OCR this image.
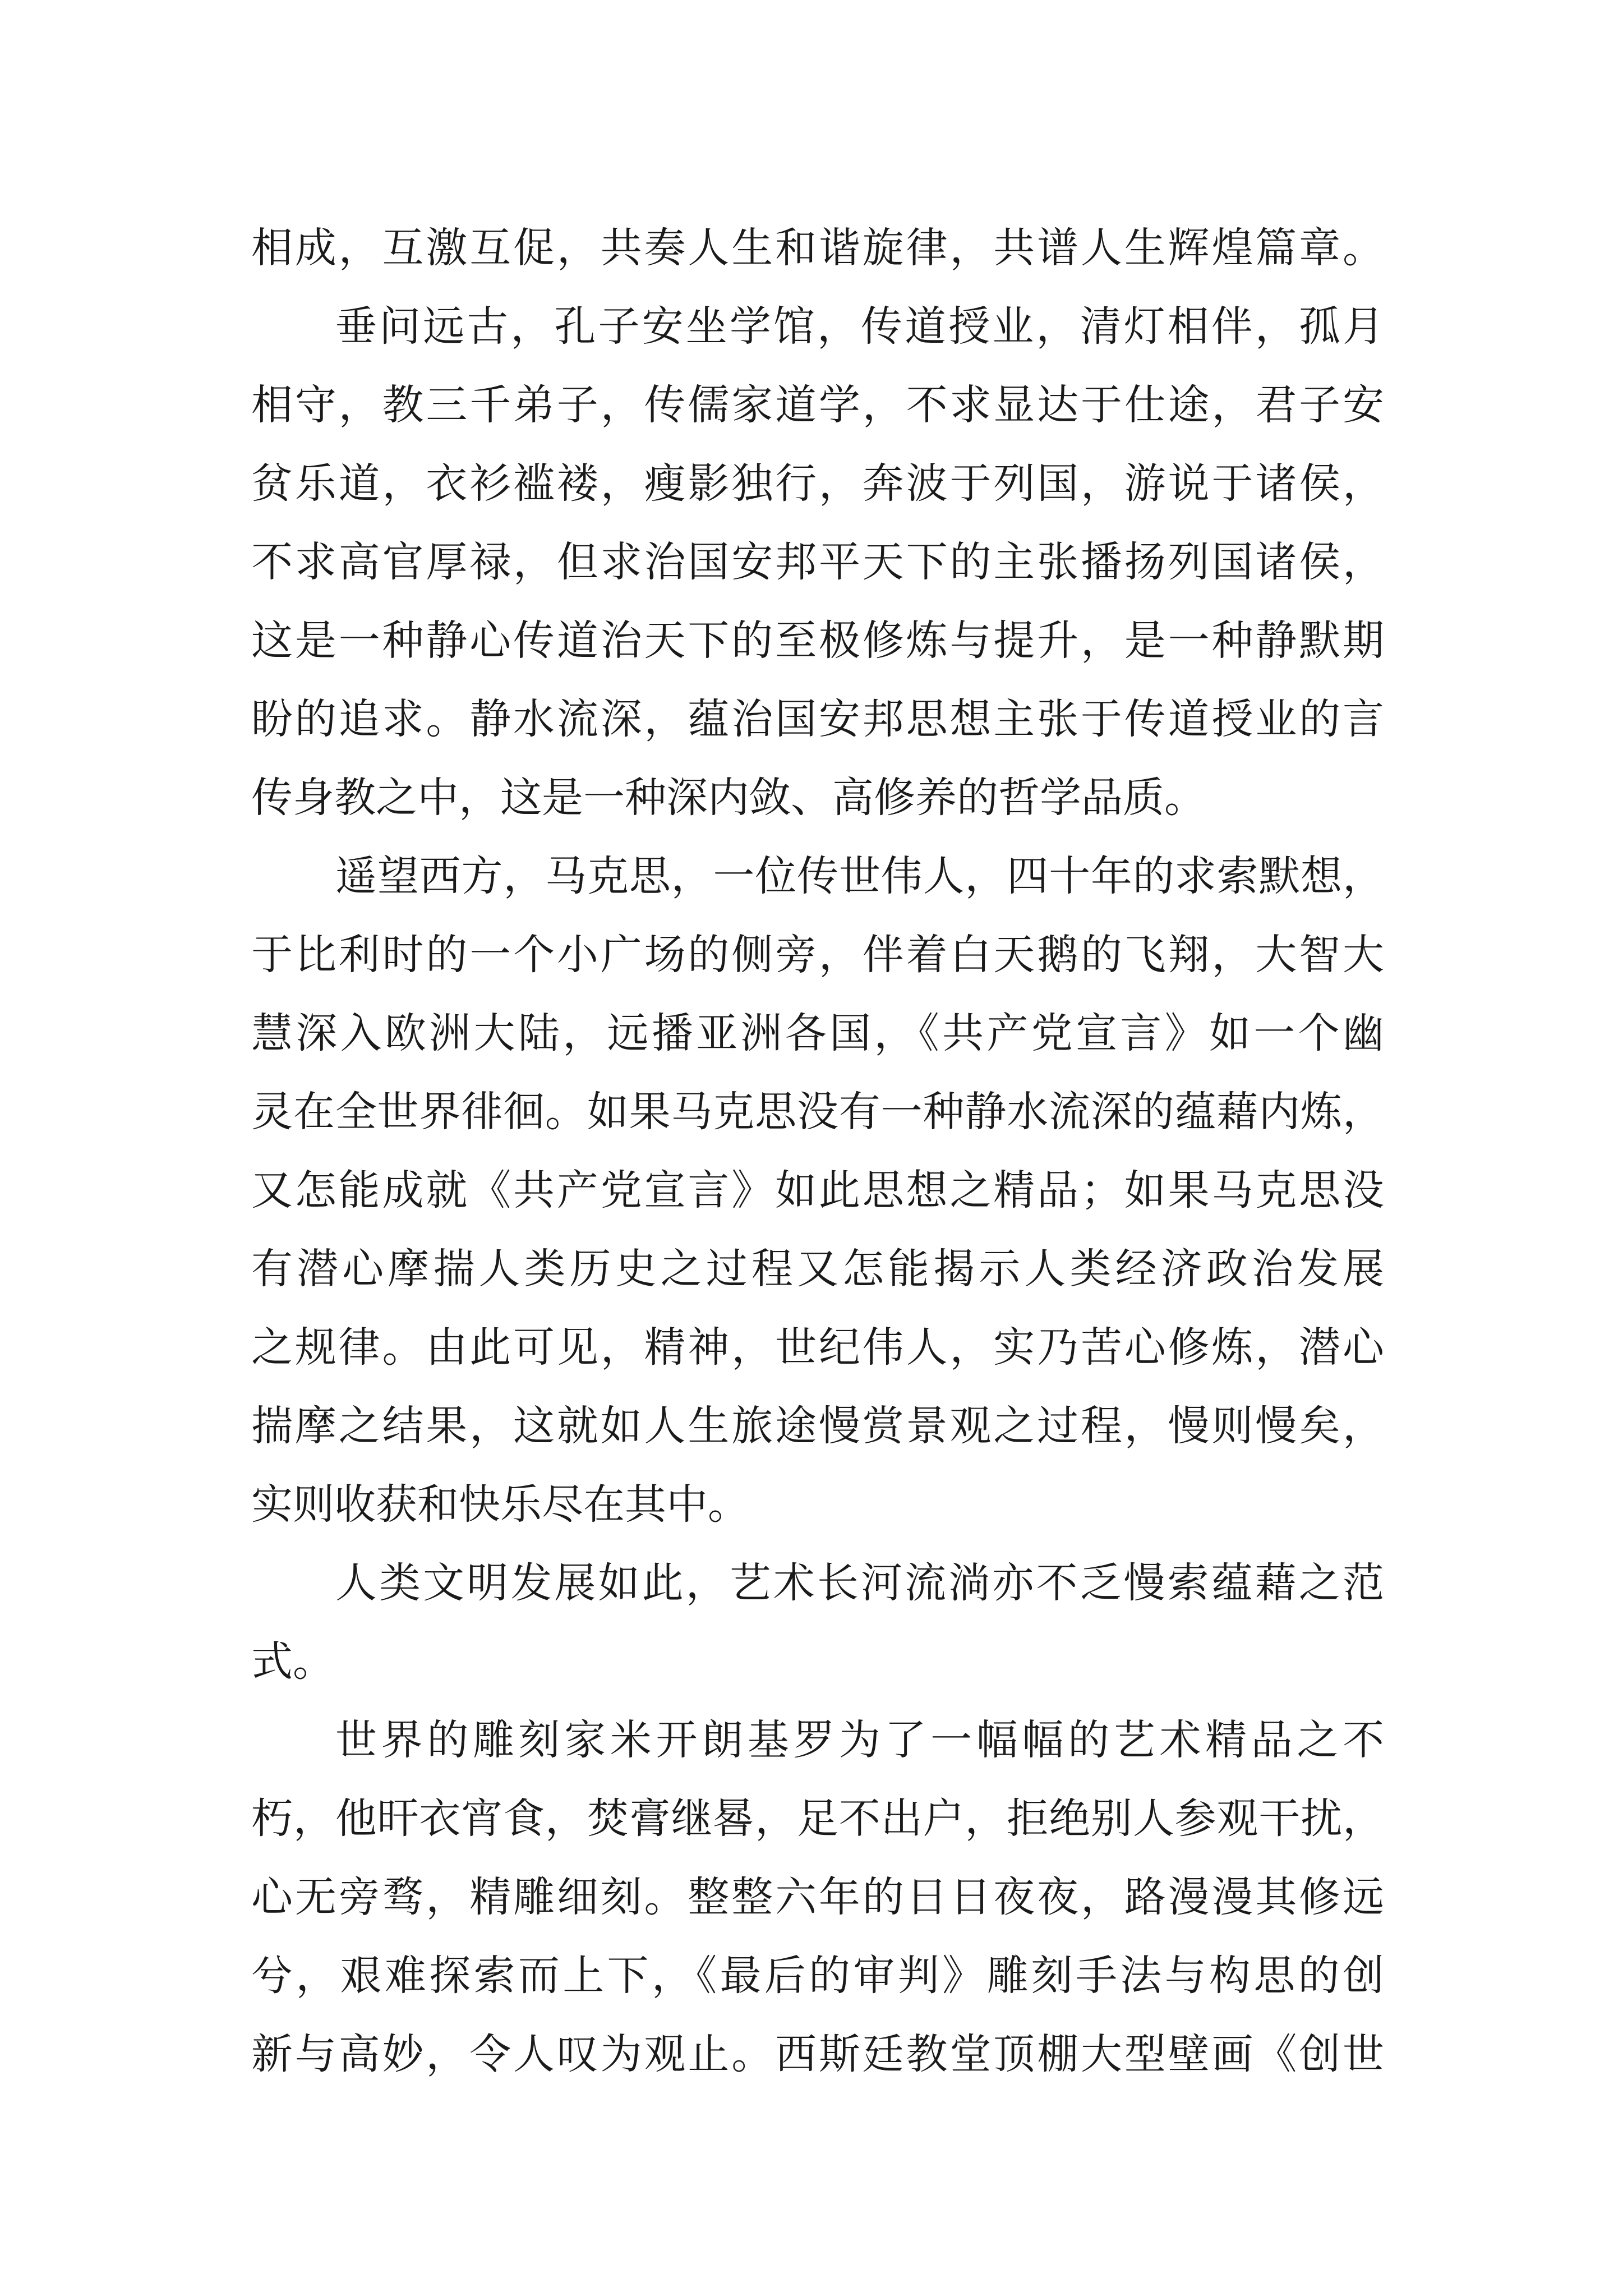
相成，互激互促，共奏人生和谐旋律，共谱人生辉煌篇章。
垂问远古，孔子安坐学馆，传道授业，清灯相伴，孤月
相守，教三千弟子，传儒家道学，不求显达于仕途，君子安
贫乐道，衣衫褴褛，瘦影独行，奔波于列国，游说于诸侯，
不求高官厚禄，但求治国安邦平天下的主张播扬列国诸侯，
这是一种静心传道治天下的至极修炼与提升，是一种静默期
盼的追求。静水流深，蕴治国安邦思想主张于传道授业的言
传身教之中，这是一种深内敛、高修养的哲学品质。
遥望西方，马克思，一位传世伟人，四十年的求索默想，
于比利时的一个小广场的侧旁，伴着白天鹅的飞翔，大智大
慧深入欧洲大陆，远播亚洲各国，《共产党宣言》如一个幽
灵在全世界徘徊。如果马克思没有一种静水流深的蕴藉内炼，
又怎能成就《共产党宣言》如此思想之精品；如果马克思没
有潜心摩揣人类历史之过程又怎能揭示人类经济政治发展
之规律。由此可见，精神，世纪伟人，实乃苦心修炼，潜心
揣摩之结果，这就如人生旅途慢赏景观之过程，慢则慢矣，
实则收获和快乐尽在其中。
人类文明发展如此，艺术长河流淌亦不乏慢索蕴藉之范
式。
世界的雕刻家米开朗基罗为了一幅幅的艺术精品之不
朽，他旰衣宵食，焚膏继晷，足不出户，拒绝别人参观干扰，
心无旁骛，精雕细刻。整整六年的日日夜夜，路漫漫其修远
兮，艰难探索而上下，《最后的审判》雕刻手法与构思的创
新与高妙，令人叹为观止。西斯廷教堂顶棚大型壁画《创世
